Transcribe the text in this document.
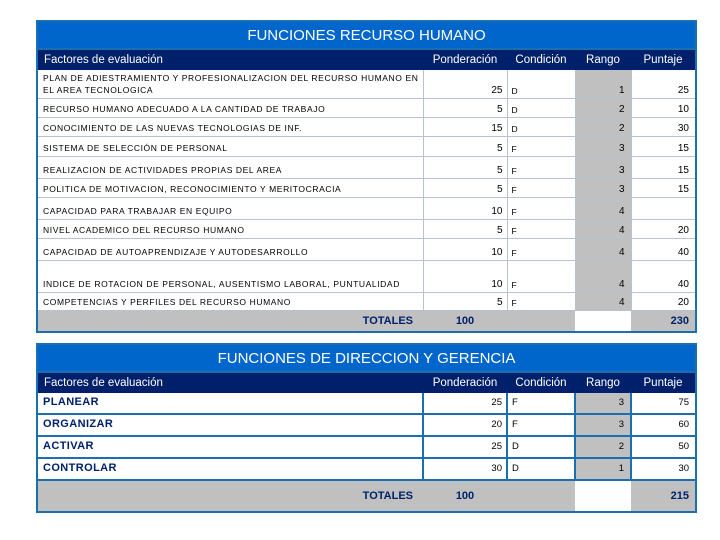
FUNCIONES RECURSO HUMANO				
Factores de evaluación	Ponderación	Condición	Rango	Puntaje
PLAN DE ADIESTRAMIENTO Y PROFESIONALIZACION DEL RECURSO HUMANO EN EL AREA TECNOLOGICA	25	D	1	25
RECURSO HUMANO ADECUADO A LA CANTIDAD DE TRABAJO	5	D	2	10
CONOCIMIENTO DE LAS NUEVAS TECNOLOGIAS DE INF.	15	D	2	30
SISTEMA DE SELECCIÓN DE PERSONAL	5	F	3	15
REALIZACION DE ACTIVIDADES PROPIAS DEL AREA	5	F	3	15
POLITICA DE MOTIVACION, RECONOCIMIENTO Y MERITOCRACIA	5	F	3	15
CAPACIDAD PARA TRABAJAR EN EQUIPO	10	F	4	
NIVEL ACADEMICO DEL RECURSO HUMANO	5	F	4	20
CAPACIDAD DE AUTOAPRENDIZAJE Y AUTODESARROLLO	10	F	4	40
INDICE DE ROTACION DE PERSONAL, AUSENTISMO LABORAL, PUNTUALIDAD	10	F	4	40
COMPETENCIAS Y PERFILES DEL RECURSO HUMANO	5	F	4	20
TOTALES	100			230
FUNCIONES DE DIRECCION Y GERENCIA				
Factores de evaluación	Ponderación	Condición	Rango	Puntaje
PLANEAR	25	F	3	75
ORGANIZAR	20	F	3	60
ACTIVAR	25	D	2	50
CONTROLAR	30	D	1	30
TOTALES	100			215
